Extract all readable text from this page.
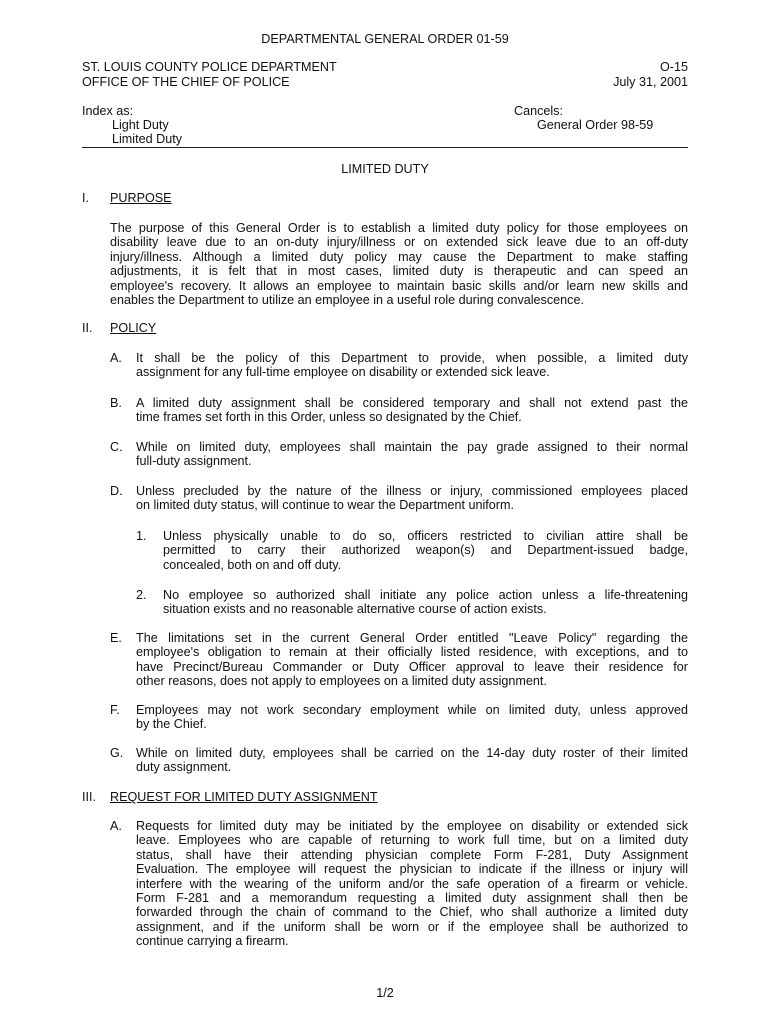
DEPARTMENTAL GENERAL ORDER 01-59
ST. LOUIS COUNTY POLICE DEPARTMENT	O-15
OFFICE OF THE CHIEF OF POLICE	July 31, 2001
Index as:
Light Duty
Limited Duty
Cancels:
General Order 98-59
LIMITED DUTY
I. PURPOSE
The purpose of this General Order is to establish a limited duty policy for those employees on
disability leave due to an on-duty injury/illness or on extended sick leave due to an off-duty
injury/illness. Although a limited duty policy may cause the Department to make staffing
adjustments, it is felt that in most cases, limited duty is therapeutic and can speed an
employee's recovery. It allows an employee to maintain basic skills and/or learn new skills and
enables the Department to utilize an employee in a useful role during convalescence.
II. POLICY
A. It shall be the policy of this Department to provide, when possible, a limited duty
assignment for any full-time employee on disability or extended sick leave.
B. A limited duty assignment shall be considered temporary and shall not extend past the
time frames set forth in this Order, unless so designated by the Chief.
C. While on limited duty, employees shall maintain the pay grade assigned to their normal
full-duty assignment.
D. Unless precluded by the nature of the illness or injury, commissioned employees placed
on limited duty status, will continue to wear the Department uniform.
1. Unless physically unable to do so, officers restricted to civilian attire shall be
permitted to carry their authorized weapon(s) and Department-issued badge,
concealed, both on and off duty.
2. No employee so authorized shall initiate any police action unless a life-threatening
situation exists and no reasonable alternative course of action exists.
E. The limitations set in the current General Order entitled "Leave Policy" regarding the
employee's obligation to remain at their officially listed residence, with exceptions, and to
have Precinct/Bureau Commander or Duty Officer approval to leave their residence for
other reasons, does not apply to employees on a limited duty assignment.
F. Employees may not work secondary employment while on limited duty, unless approved
by the Chief.
G. While on limited duty, employees shall be carried on the 14-day duty roster of their limited
duty assignment.
III. REQUEST FOR LIMITED DUTY ASSIGNMENT
A. Requests for limited duty may be initiated by the employee on disability or extended sick
leave. Employees who are capable of returning to work full time, but on a limited duty
status, shall have their attending physician complete Form F-281, Duty Assignment
Evaluation. The employee will request the physician to indicate if the illness or injury will
interfere with the wearing of the uniform and/or the safe operation of a firearm or vehicle.
Form F-281 and a memorandum requesting a limited duty assignment shall then be
forwarded through the chain of command to the Chief, who shall authorize a limited duty
assignment, and if the uniform shall be worn or if the employee shall be authorized to
continue carrying a firearm.
1/2
